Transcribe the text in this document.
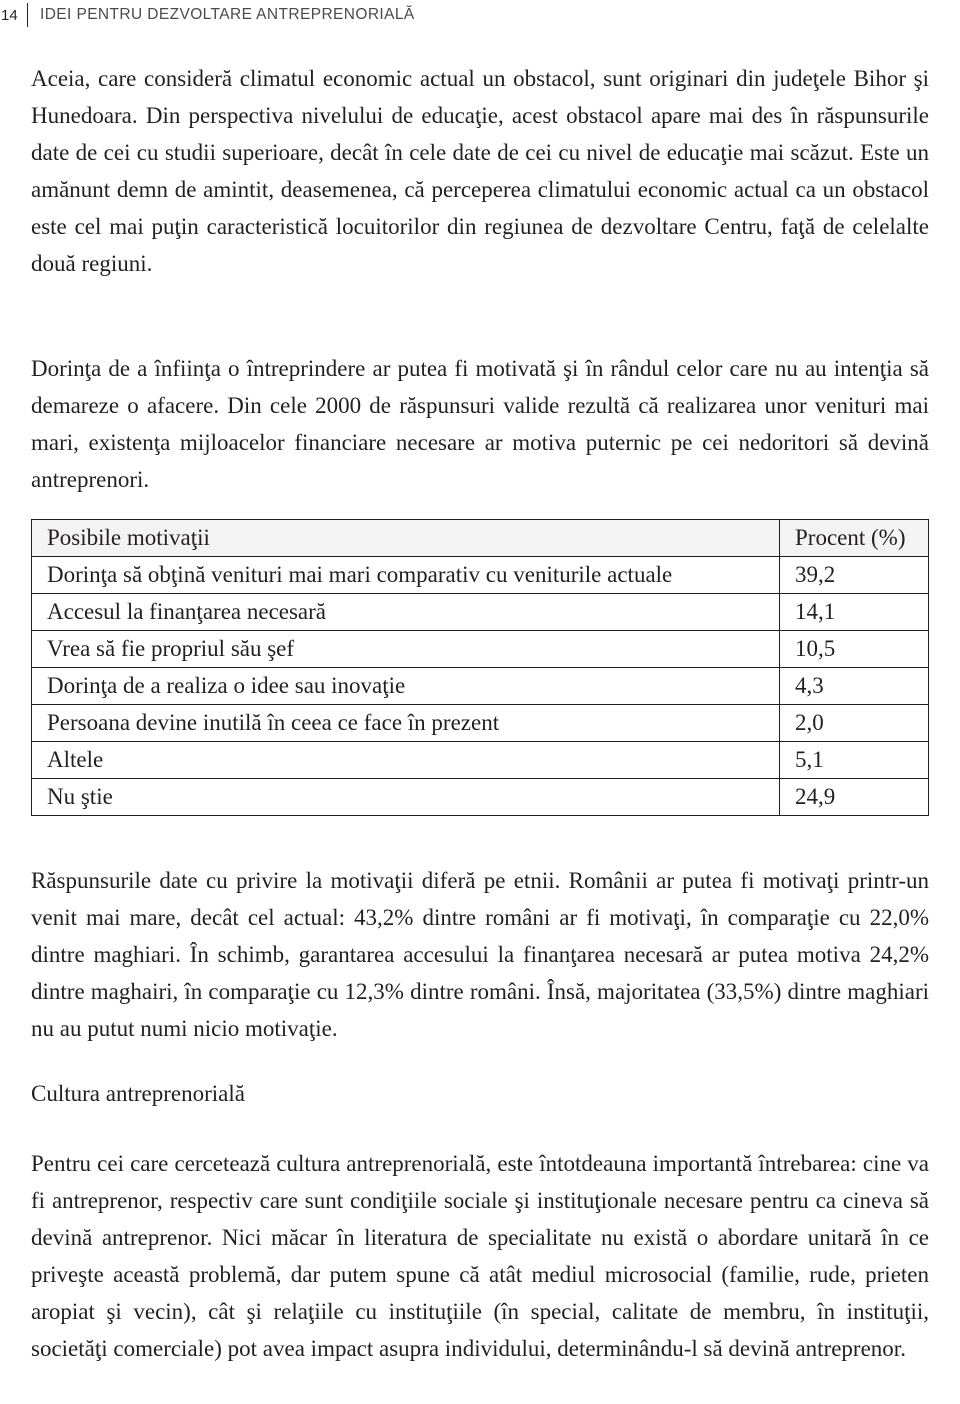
14	IDEI PENTRU DEZVOLTARE ANTREPRENORIALĂ

Aceia, care consideră climatul economic actual un obstacol, sunt originari din judeţele Bihor şi Hunedoara. Din perspectiva nivelului de educaţie, acest obstacol apare mai des în răspunsurile date de cei cu studii superioare, decât în cele date de cei cu nivel de educaţie mai scăzut. Este un amănunt demn de amintit, deasemenea, că perceperea climatului economic actual ca un obstacol este cel mai puţin caracteristică locuitorilor din regiunea de dezvoltare Centru, faţă de celelalte două regiuni.

Dorinţa de a înfiinţa o întreprindere ar putea fi motivată şi în rândul celor care nu au intenţia să demareze o afacere. Din cele 2000 de răspunsuri valide rezultă că realizarea unor venituri mai mari, existenţa mijloacelor financiare necesare ar motiva puternic pe cei nedoritori să devină antreprenori.

Posibile motivaţii	Procent (%)
Dorinţa să obţină venituri mai mari comparativ cu veniturile actuale	39,2
Accesul la finanţarea necesară	14,1
Vrea să fie propriul său şef	10,5
Dorinţa de a realiza o idee sau inovaţie	4,3
Persoana devine inutilă în ceea ce face în prezent	2,0
Altele	5,1
Nu ştie	24,9

Răspunsurile date cu privire la motivaţii diferă pe etnii. Românii ar putea fi motivaţi printr-un venit mai mare, decât cel actual: 43,2% dintre români ar fi motivaţi, în comparaţie cu 22,0% dintre maghiari. În schimb, garantarea accesului la finanţarea necesară ar putea motiva 24,2% dintre maghairi, în comparaţie cu 12,3% dintre români. Însă, majoritatea (33,5%) dintre maghiari nu au putut numi nicio motivaţie.

Cultura antreprenorială

Pentru cei care cercetează cultura antreprenorială, este întotdeauna importantă întrebarea: cine va fi antreprenor, respectiv care sunt condiţiile sociale şi instituţionale necesare pentru ca cineva să devină antreprenor. Nici măcar în literatura de specialitate nu există o abordare unitară în ce priveşte această problemă, dar putem spune că atât mediul microsocial (familie, rude, prieten aropiat şi vecin), cât şi relaţiile cu instituţiile (în special, calitate de membru, în instituţii, societăţi comerciale) pot avea impact asupra individului, determinându-l să devină antreprenor.
